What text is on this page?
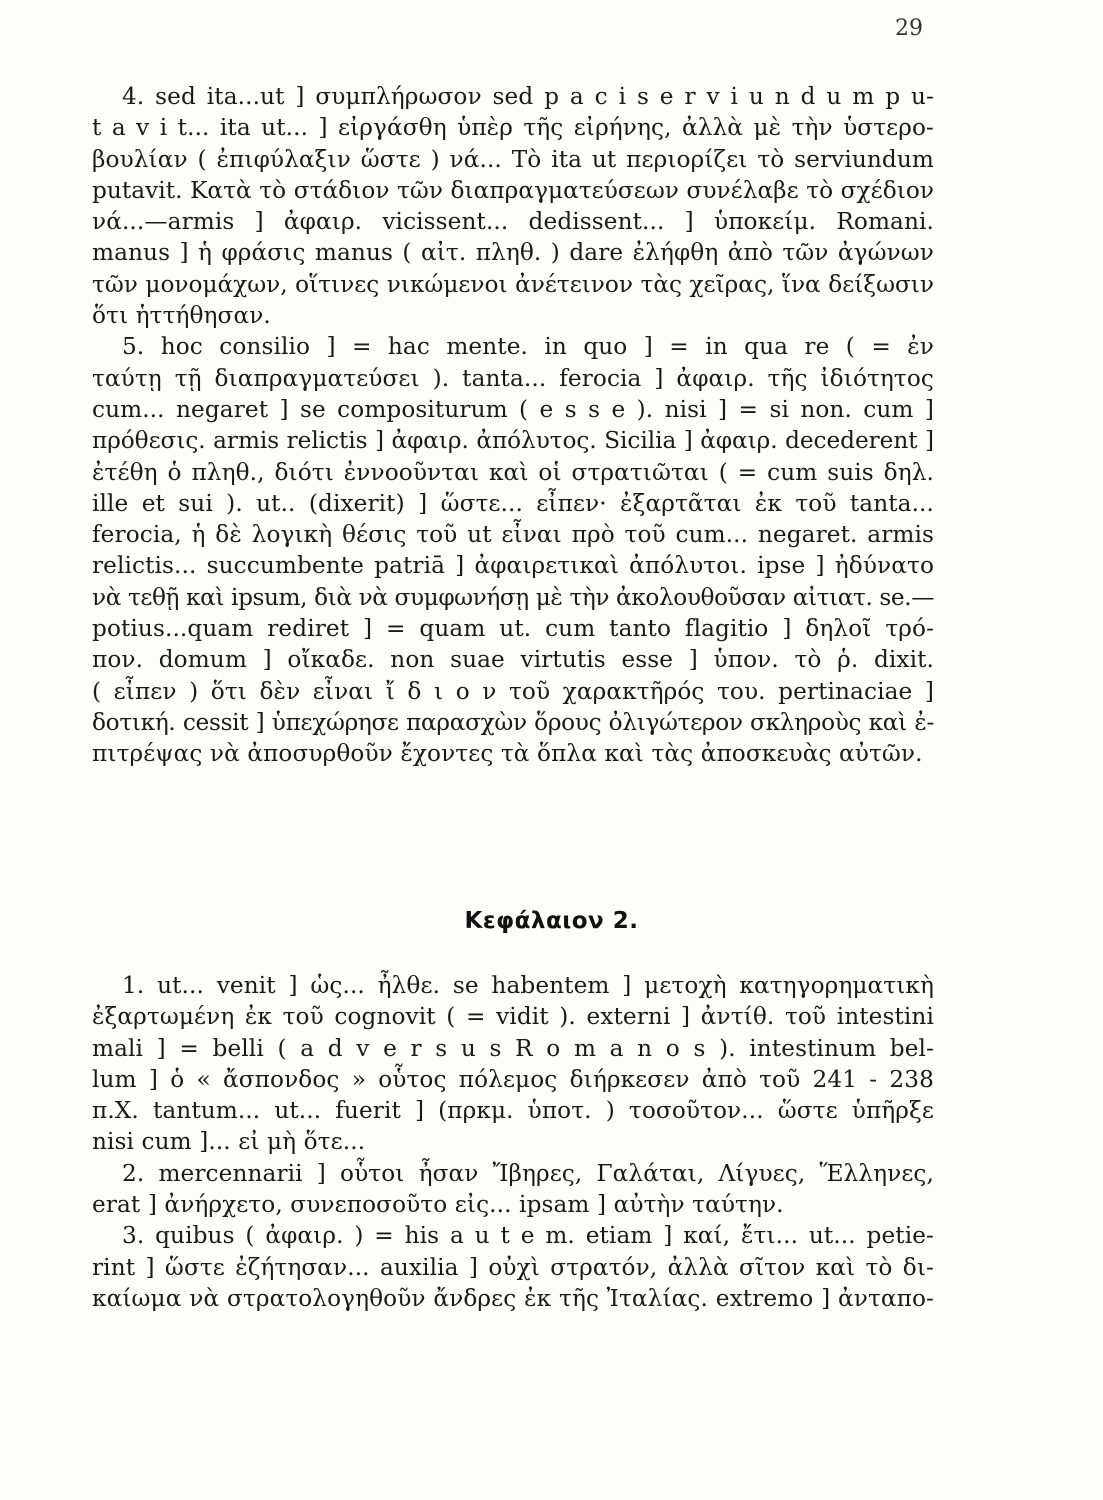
29
4. sed ita...ut ] συμπλήρωσον sed p a c i s e r v i u n d u m p u-
t a v i t... ita ut... ] εἰργάσθη ὑπὲρ τῆς εἰρήνης, ἀλλὰ μὲ τὴν ὑστερο-
βουλίαν ( ἐπιφύλαξιν ὥστε ) νά... Τὸ ita ut περιορίζει τὸ serviundum
putavit. Κατὰ τὸ στάδιον τῶν διαπραγματεύσεων συνέλαβε τὸ σχέδιον
νά...—armis ] ἀφαιρ. vicissent... dedissent... ] ὑποκείμ. Romani.
manus ] ἡ φράσις manus ( αἰτ. πληθ. ) dare ἐλήφθη ἀπὸ τῶν ἀγώνων
τῶν μονομάχων, οἵτινες νικώμενοι ἀνέτεινον τὰς χεῖρας, ἵνα δείξωσιν
ὅτι ἡττήθησαν.
5. hoc consilio ] = hac mente. in quo ] = in qua re ( = ἐν
ταύτῃ τῇ διαπραγματεύσει ). tanta... ferocia ] ἀφαιρ. τῆς ἰδιότητος
cum... negaret ] se compositurum ( e s s e ). nisi ] = si non. cum ]
πρόθεσις. armis relictis ] ἀφαιρ. ἀπόλυτος. Sicilia ] ἀφαιρ. decederent ]
ἐτέθη ὁ πληθ., διότι ἐννοοῦνται καὶ οἱ στρατιῶται ( = cum suis δηλ.
ille et sui ). ut.. (dixerit) ] ὥστε... εἶπεν· ἐξαρτᾶται ἐκ τοῦ tanta...
ferocia, ἡ δὲ λογικὴ θέσις τοῦ ut εἶναι πρὸ τοῦ cum... negaret. armis
relictis... succumbente patriā ] ἀφαιρετικαὶ ἀπόλυτοι. ipse ] ἠδύνατο
νὰ τεθῇ καὶ ipsum, διὰ νὰ συμφωνήσῃ μὲ τὴν ἀκολουθοῦσαν αἰτιατ. se.—
potius...quam rediret ] = quam ut. cum tanto flagitio ] δηλοῖ τρό-
πον. domum ] οἴκαδε. non suae virtutis esse ] ὑπον. τὸ ῥ. dixit.
( εἶπεν ) ὅτι δὲν εἶναι ἴ δ ι ο ν τοῦ χαρακτῆρός του. pertinaciae ]
δοτική. cessit ] ὑπεχώρησε παρασχὼν ὅρους ὀλιγώτερον σκληροὺς καὶ ἐ-
πιτρέψας νὰ ἀποσυρθοῦν ἔχοντες τὰ ὅπλα καὶ τὰς ἀποσκευὰς αὐτῶν.
Κεφάλαιον 2.
1. ut... venit ] ὡς... ἦλθε. se habentem ] μετοχὴ κατηγορηματικὴ
ἐξαρτωμένη ἐκ τοῦ cognovit ( = vidit ). externi ] ἀντίθ. τοῦ intestini
mali ] = belli ( a d v e r s u s R o m a n o s ). intestinum bel-
lum ] ὁ « ἄσπονδος » οὗτος πόλεμος διήρκεσεν ἀπὸ τοῦ 241 - 238
π.Χ. tantum... ut... fuerit ] (πρκμ. ὑποτ. ) τοσοῦτον... ὥστε ὑπῆρξε
nisi cum ]... εἰ μὴ ὅτε...
2. mercennarii ] οὗτοι ἦσαν Ἴβηρες, Γαλάται, Λίγυες, Ἕλληνες,
erat ] ἀνήρχετο, συνεποσοῦτο εἰς... ipsam ] αὐτὴν ταύτην.
3. quibus ( ἀφαιρ. ) = his a u t e m. etiam ] καί, ἔτι... ut... petie-
rint ] ὥστε ἐζήτησαν... auxilia ] οὐχὶ στρατόν, ἀλλὰ σῖτον καὶ τὸ δι-
καίωμα νὰ στρατολογηθοῦν ἄνδρες ἐκ τῆς Ἰταλίας. extremo ] ἀνταπο-
